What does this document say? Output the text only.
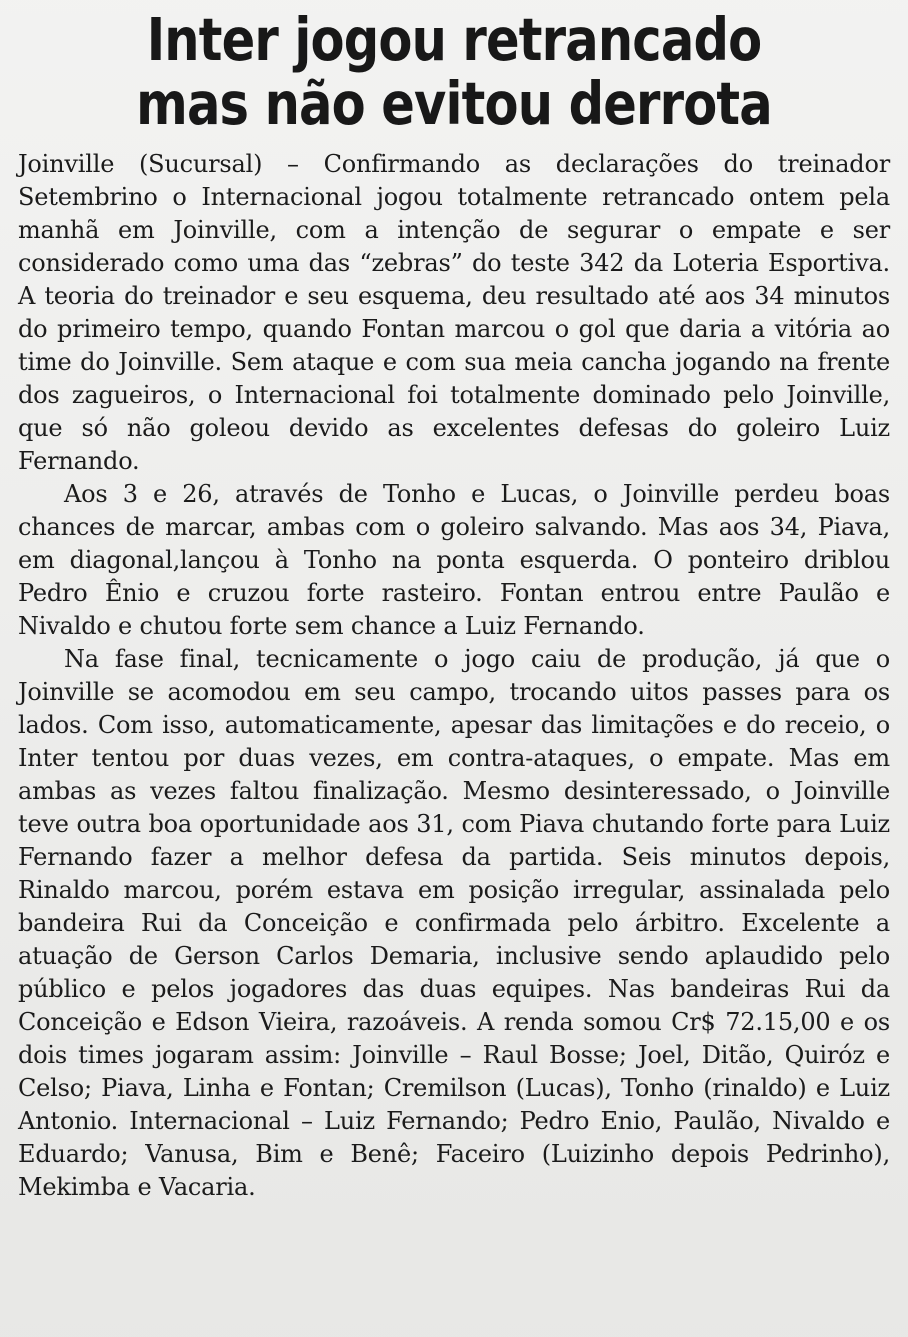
Inter jogou retrancado
mas não evitou derrota

Joinville (Sucursal) – Confirmando as declarações do treinador Setembrino o Internacional jogou totalmente retrancado ontem pela manhã em Joinville, com a intenção de segurar o empate e ser considerado como uma das “zebras” do teste 342 da Loteria Esportiva. A teoria do treinador e seu esquema, deu resultado até aos 34 minutos do primeiro tempo, quando Fontan marcou o gol que daria a vitória ao time do Joinville. Sem ataque e com sua meia cancha jogando na frente dos zagueiros, o Internacional foi totalmente dominado pelo Joinville, que só não goleou devido as excelentes defesas do goleiro Luiz Fernando.

Aos 3 e 26, através de Tonho e Lucas, o Joinville perdeu boas chances de marcar, ambas com o goleiro salvando. Mas aos 34, Piava, em diagonal,lançou à Tonho na ponta esquerda. O ponteiro driblou Pedro Ênio e cruzou forte rasteiro. Fontan entrou entre Paulão e Nivaldo e chutou forte sem chance a Luiz Fernando.

Na fase final, tecnicamente o jogo caiu de produção, já que o Joinville se acomodou em seu campo, trocando uitos passes para os lados. Com isso, automaticamente, apesar das limitações e do receio, o Inter tentou por duas vezes, em contra-ataques, o empate. Mas em ambas as vezes faltou finalização. Mesmo desinteressado, o Joinville teve outra boa oportunidade aos 31, com Piava chutando forte para Luiz Fernando fazer a melhor defesa da partida. Seis minutos depois, Rinaldo marcou, porém estava em posição irregular, assinalada pelo bandeira Rui da Conceição e confirmada pelo árbitro. Excelente a atuação de Gerson Carlos Demaria, inclusive sendo aplaudido pelo público e pelos jogadores das duas equipes. Nas bandeiras Rui da Conceição e Edson Vieira, razoáveis. A renda somou Cr$ 72.15,00 e os dois times jogaram assim: Joinville – Raul Bosse; Joel, Ditão, Quiróz e Celso; Piava, Linha e Fontan; Cremilson (Lucas), Tonho (rinaldo) e Luiz Antonio. Internacional – Luiz Fernando; Pedro Enio, Paulão, Nivaldo e Eduardo; Vanusa, Bim e Benê; Faceiro (Luizinho depois Pedrinho), Mekimba e Vacaria.
